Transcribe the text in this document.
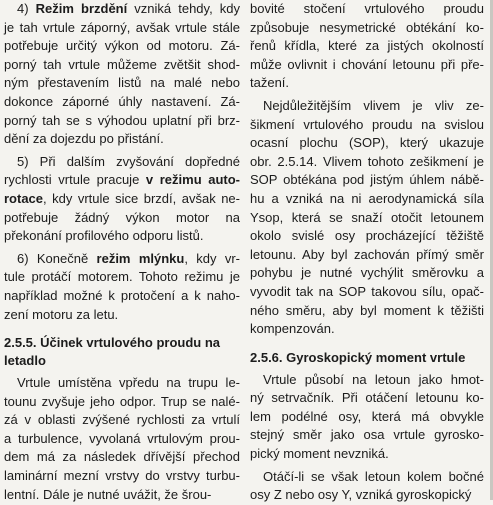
4) Režim brzdění vzniká tehdy, kdy
je tah vrtule záporný, avšak vrtule stále
potřebuje určitý výkon od motoru. Zá-
porný tah vrtule můžeme zvětšit shod-
ným přestavením listů na malé nebo
dokonce záporné úhly nastavení. Zá-
porný tah se s výhodou uplatní při brz-
dění za dojezdu po přistání.

5) Při dalším zvyšování dopředné
rychlosti vrtule pracuje v režimu auto-
rotace, kdy vrtule sice brzdí, avšak ne-
potřebuje žádný výkon motor na
překonání profilového odporu listů.

6) Konečně režim mlýnku, kdy vr-
tule protáčí motorem. Tohoto režimu je
například možné k protočení a k naho-
zení motoru za letu.

2.5.5. Účinek vrtulového proudu na
letadlo

Vrtule umístěna vpředu na trupu le-
tounu zvyšuje jeho odpor. Trup se nalé-
zá v oblasti zvýšené rychlosti za vrtulí
a turbulence, vyvolaná vrtulovým prou-
dem má za následek dřívější přechod
laminární mezní vrstvy do vrstvy turbu-
lentní. Dále je nutné uvážit, že šrou-

bovité stočení vrtulového proudu
způsobuje nesymetrické obtékání ko-
řenů křídla, které za jistých okolností
může ovlivnit i chování letounu při pře-
tažení.

Nejdůležitějším vlivem je vliv ze-
šikmení vrtulového proudu na svislou
ocasní plochu (SOP), který ukazuje
obr. 2.5.14. Vlivem tohoto zešikmení je
SOP obtékána pod jistým úhlem nábě-
hu a vzniká na ni aerodynamická síla
Ysop, která se snaží otočit letounem
okolo svislé osy procházející těžiště
letounu. Aby byl zachován přímý směr
pohybu je nutné vychýlit směrovku a
vyvodit tak na SOP takovou sílu, opač-
ného směru, aby byl moment k těžišti
kompenzován.

2.5.6. Gyroskopický moment vrtule

Vrtule působí na letoun jako hmot-
ný setrvačník. Při otáčení letounu ko-
lem podélné osy, která má obvykle
stejný směr jako osa vrtule gyrosko-
pický moment nevzniká.

Otáčí-li se však letoun kolem bočné
osy Z nebo osy Y, vzniká gyroskopický
